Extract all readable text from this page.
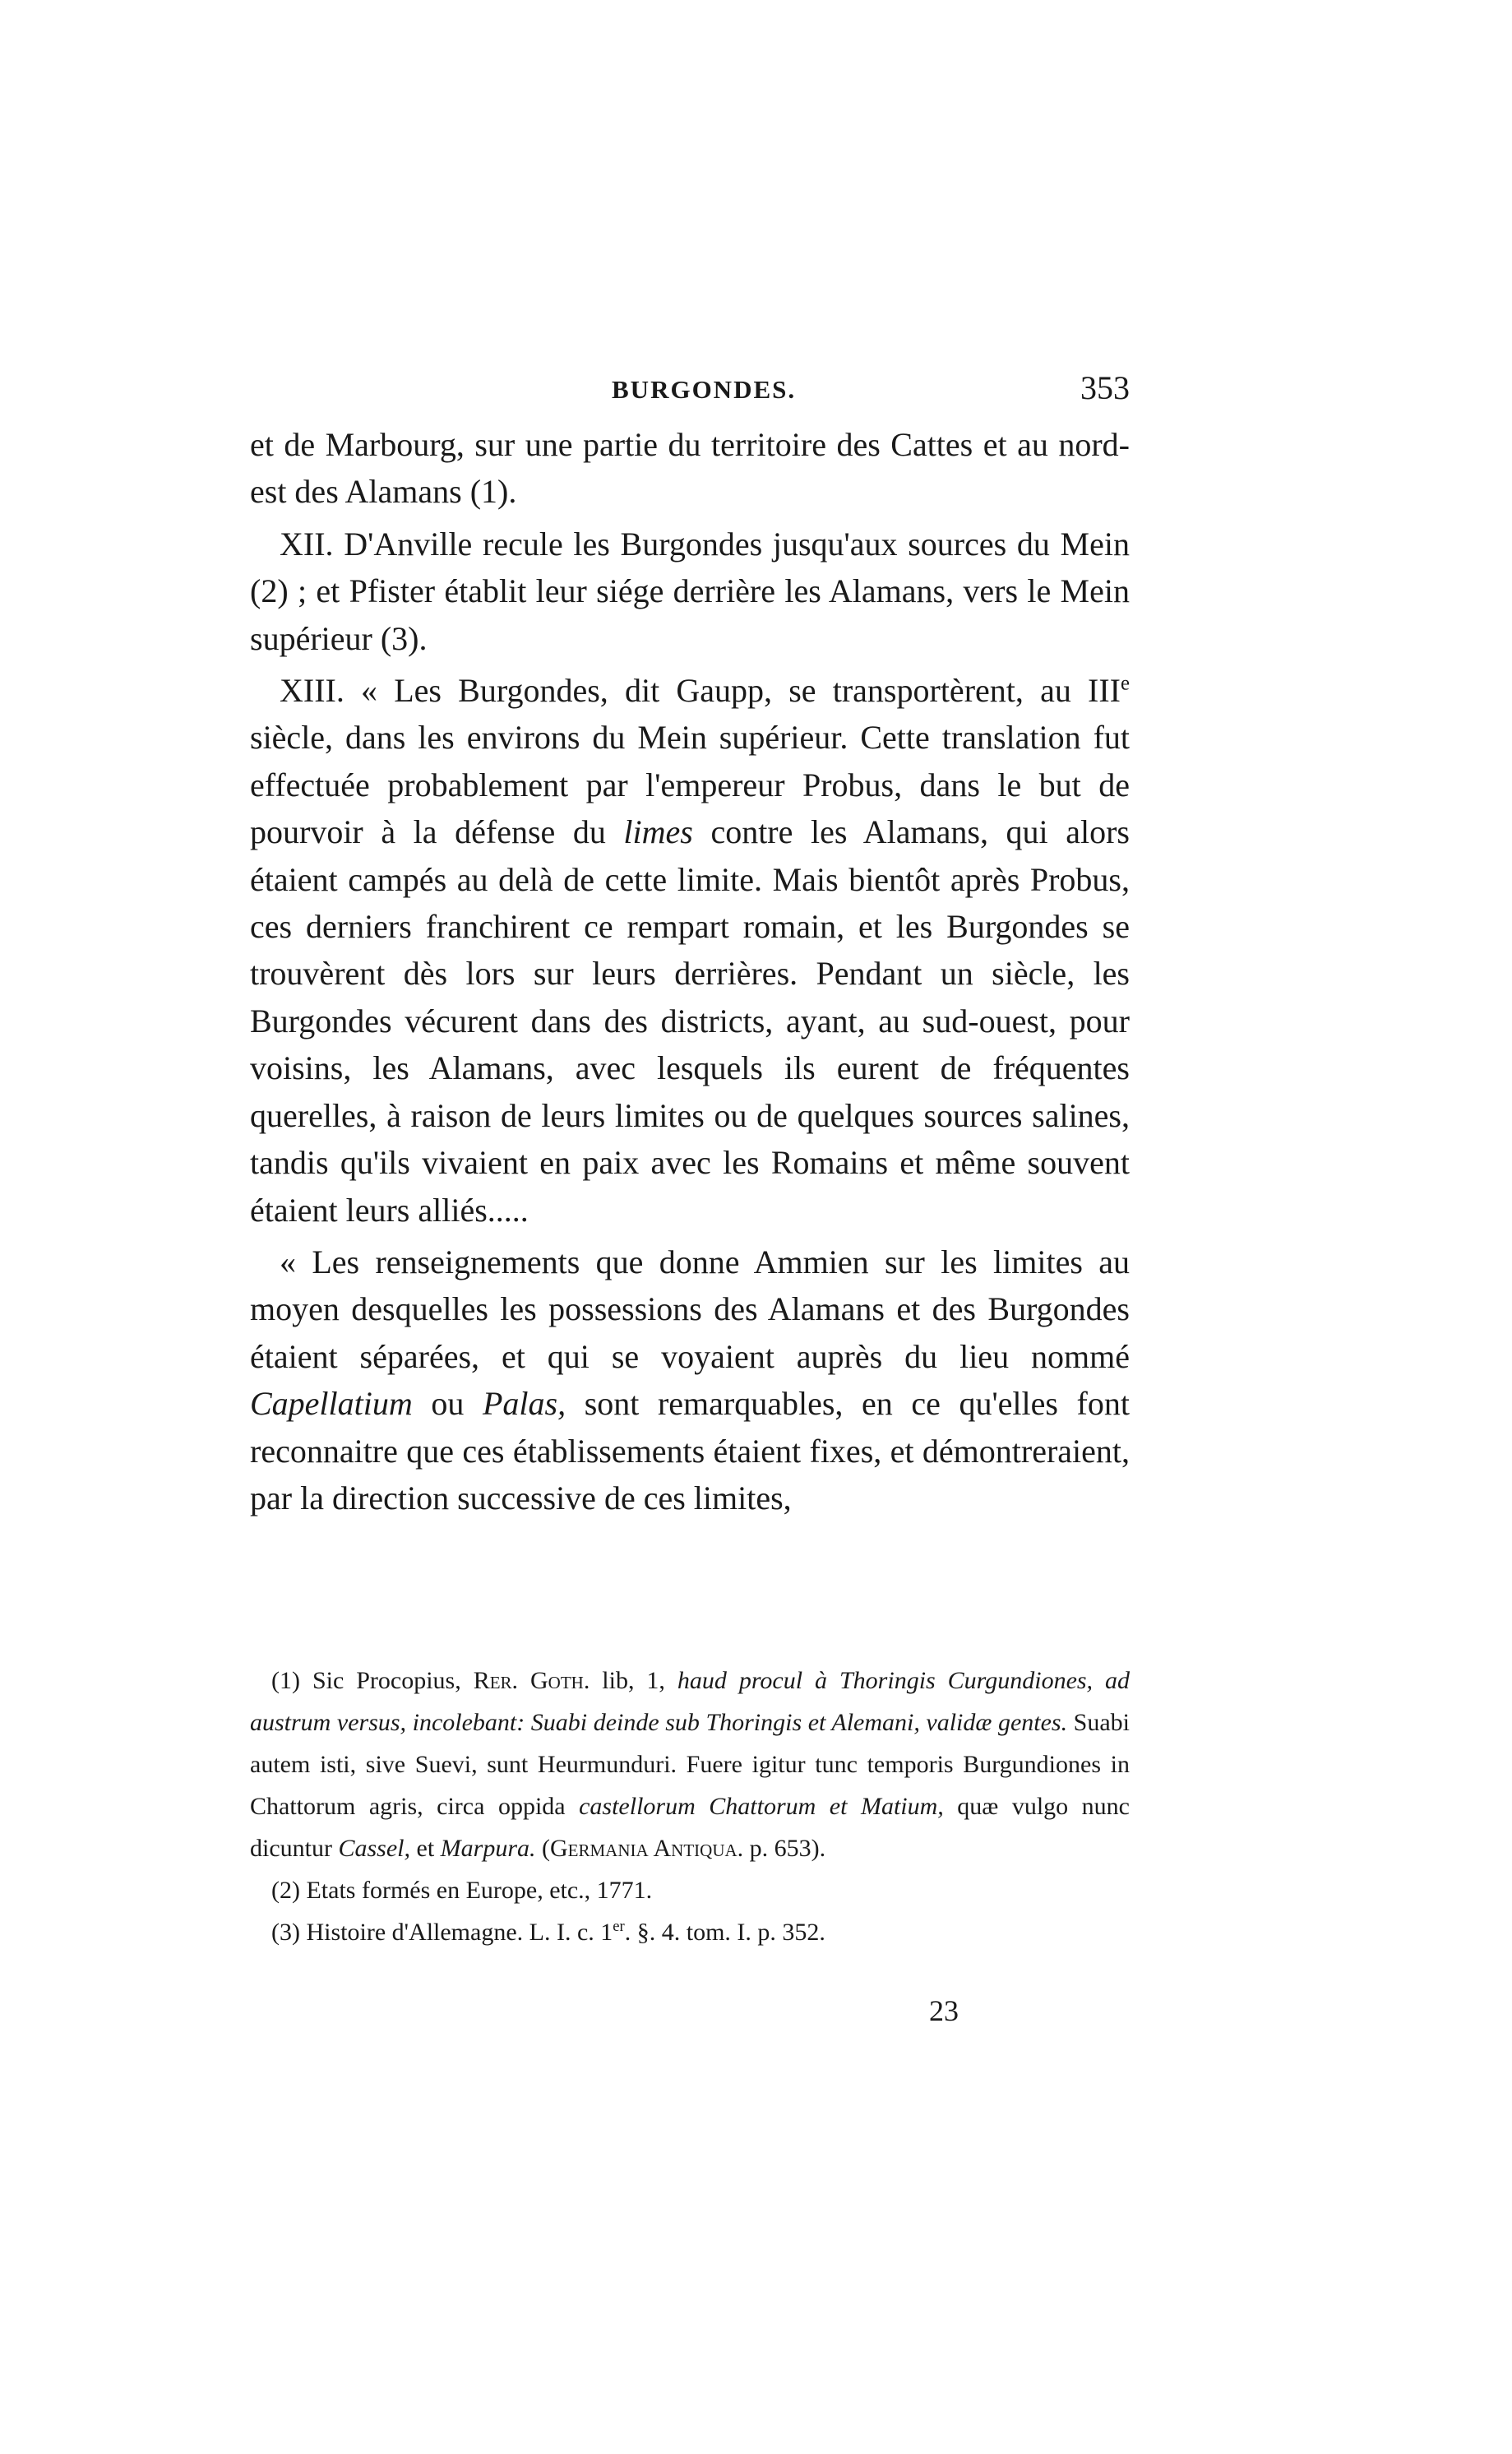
BURGONDES.	353

et de Marbourg, sur une partie du territoire des Cattes et au nord-est des Alamans (1).

XII. D'Anville recule les Burgondes jusqu'aux sources du Mein (2) ; et Pfister établit leur siége derrière les Alamans, vers le Mein supérieur (3).

XIII. « Les Burgondes, dit Gaupp, se transportèrent, au IIIe siècle, dans les environs du Mein supérieur. Cette translation fut effectuée probablement par l'empereur Probus, dans le but de pourvoir à la défense du limes contre les Alamans, qui alors étaient campés au delà de cette limite. Mais bientôt après Probus, ces derniers franchirent ce rempart romain, et les Burgondes se trouvèrent dès lors sur leurs derrières. Pendant un siècle, les Burgondes vécurent dans des districts, ayant, au sud-ouest, pour voisins, les Alamans, avec lesquels ils eurent de fréquentes querelles, à raison de leurs limites ou de quelques sources salines, tandis qu'ils vivaient en paix avec les Romains et même souvent étaient leurs alliés.....

« Les renseignements que donne Ammien sur les limites au moyen desquelles les possessions des Alamans et des Burgondes étaient séparées, et qui se voyaient auprès du lieu nommé Capellatium ou Palas, sont remarquables, en ce qu'elles font reconnaitre que ces établissements étaient fixes, et démontreraient, par la direction successive de ces limites,

(1) Sic Procopius, Rer. Goth. lib, 1, haud procul à Thoringis Curgundiones, ad austrum versus, incolebant: Suabi deinde sub Thoringis et Alemani, validæ gentes. Suabi autem isti, sive Suevi, sunt Heurmunduri. Fuere igitur tunc temporis Burgundiones in Chattorum agris, circa oppida castellorum Chattorum et Matium, quæ vulgo nunc dicuntur Cassel, et Marpura. (Germania Antiqua. p. 653).

(2) Etats formés en Europe, etc., 1771.

(3) Histoire d'Allemagne. L. I. c. 1er. §. 4. tom. I. p. 352.

23
